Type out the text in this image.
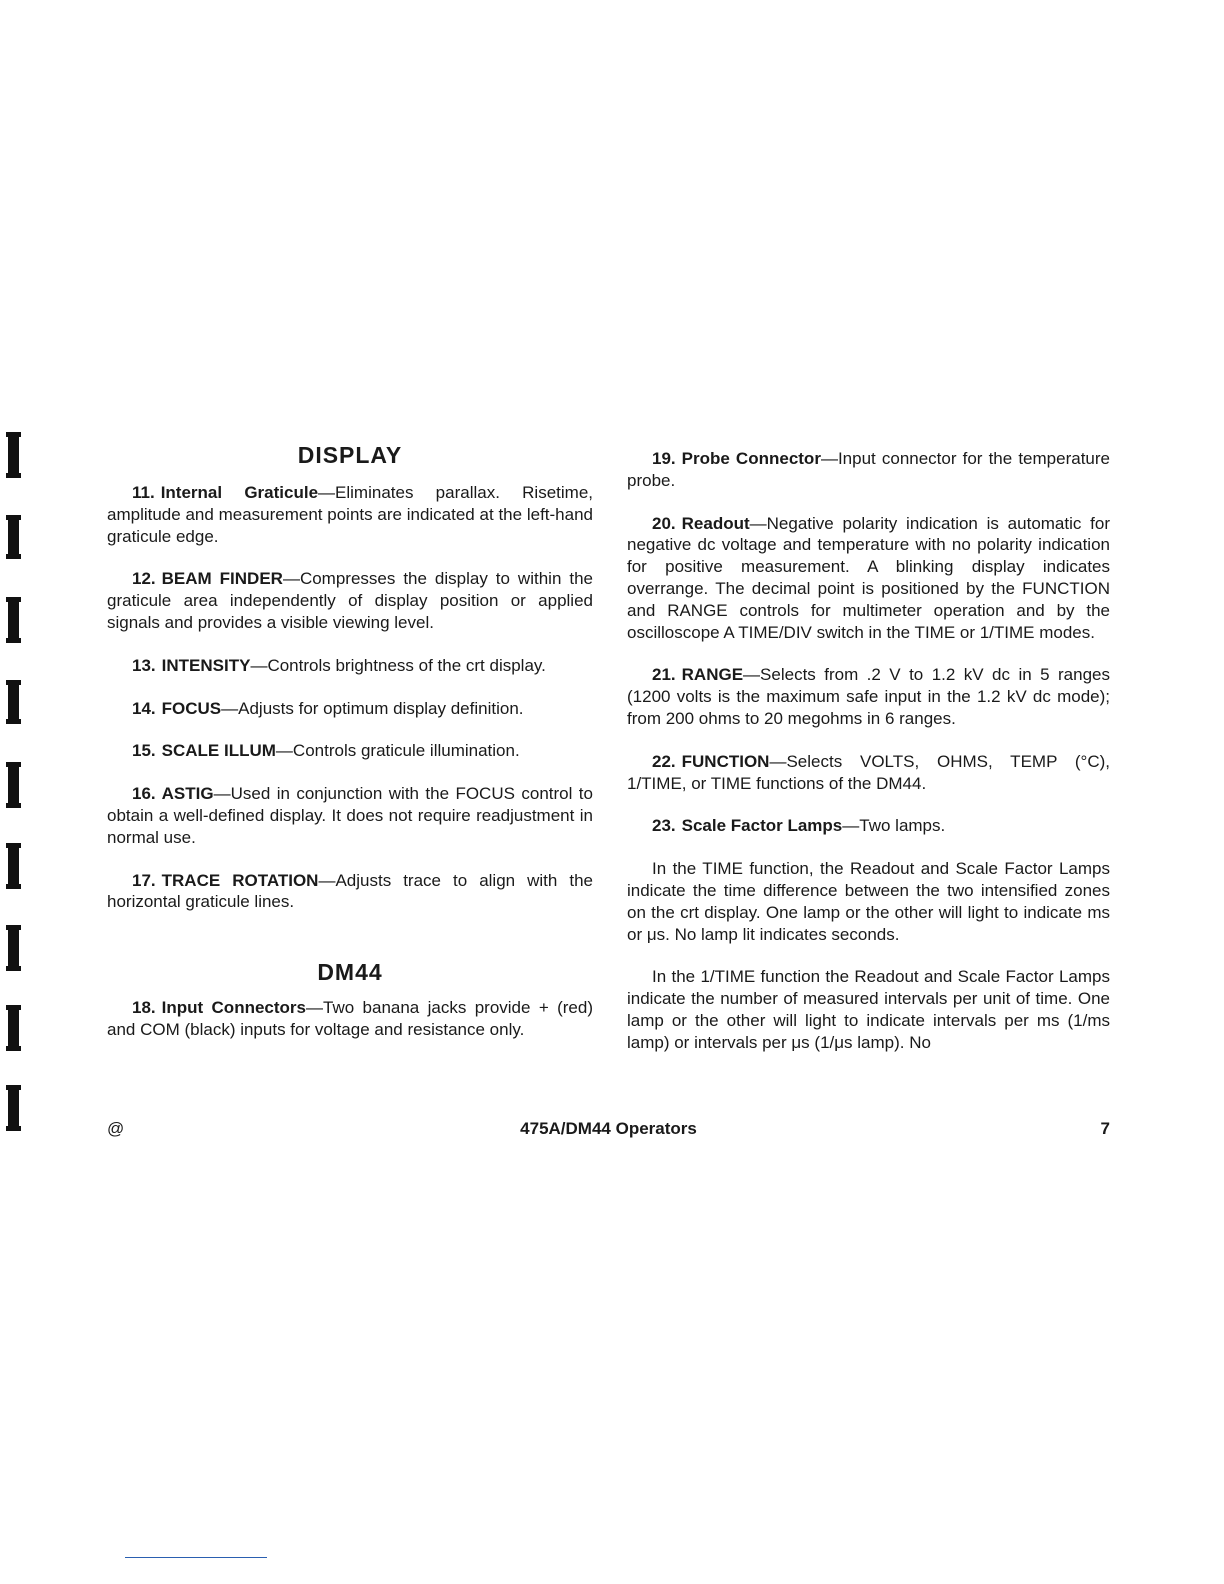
DISPLAY

11. Internal Graticule—Eliminates parallax. Risetime, amplitude and measurement points are indicated at the left-hand graticule edge.

12. BEAM FINDER—Compresses the display to within the graticule area independently of display position or applied signals and provides a visible viewing level.

13. INTENSITY—Controls brightness of the crt display.

14. FOCUS—Adjusts for optimum display definition.

15. SCALE ILLUM—Controls graticule illumination.

16. ASTIG—Used in conjunction with the FOCUS control to obtain a well-defined display. It does not require readjustment in normal use.

17. TRACE ROTATION—Adjusts trace to align with the horizontal graticule lines.

DM44

18. Input Connectors—Two banana jacks provide + (red) and COM (black) inputs for voltage and resistance only.

19. Probe Connector—Input connector for the temperature probe.

20. Readout—Negative polarity indication is automatic for negative dc voltage and temperature with no polarity indication for positive measurement. A blinking display indicates overrange. The decimal point is positioned by the FUNCTION and RANGE controls for multimeter operation and by the oscilloscope A TIME/DIV switch in the TIME or 1/TIME modes.

21. RANGE—Selects from .2 V to 1.2 kV dc in 5 ranges (1200 volts is the maximum safe input in the 1.2 kV dc mode); from 200 ohms to 20 megohms in 6 ranges.

22. FUNCTION—Selects VOLTS, OHMS, TEMP (°C), 1/TIME, or TIME functions of the DM44.

23. Scale Factor Lamps—Two lamps.

In the TIME function, the Readout and Scale Factor Lamps indicate the time difference between the two intensified zones on the crt display. One lamp or the other will light to indicate ms or μs. No lamp lit indicates seconds.

In the 1/TIME function the Readout and Scale Factor Lamps indicate the number of measured intervals per unit of time. One lamp or the other will light to indicate intervals per ms (1/ms lamp) or intervals per μs (1/μs lamp). No

@	475A/DM44 Operators	7
